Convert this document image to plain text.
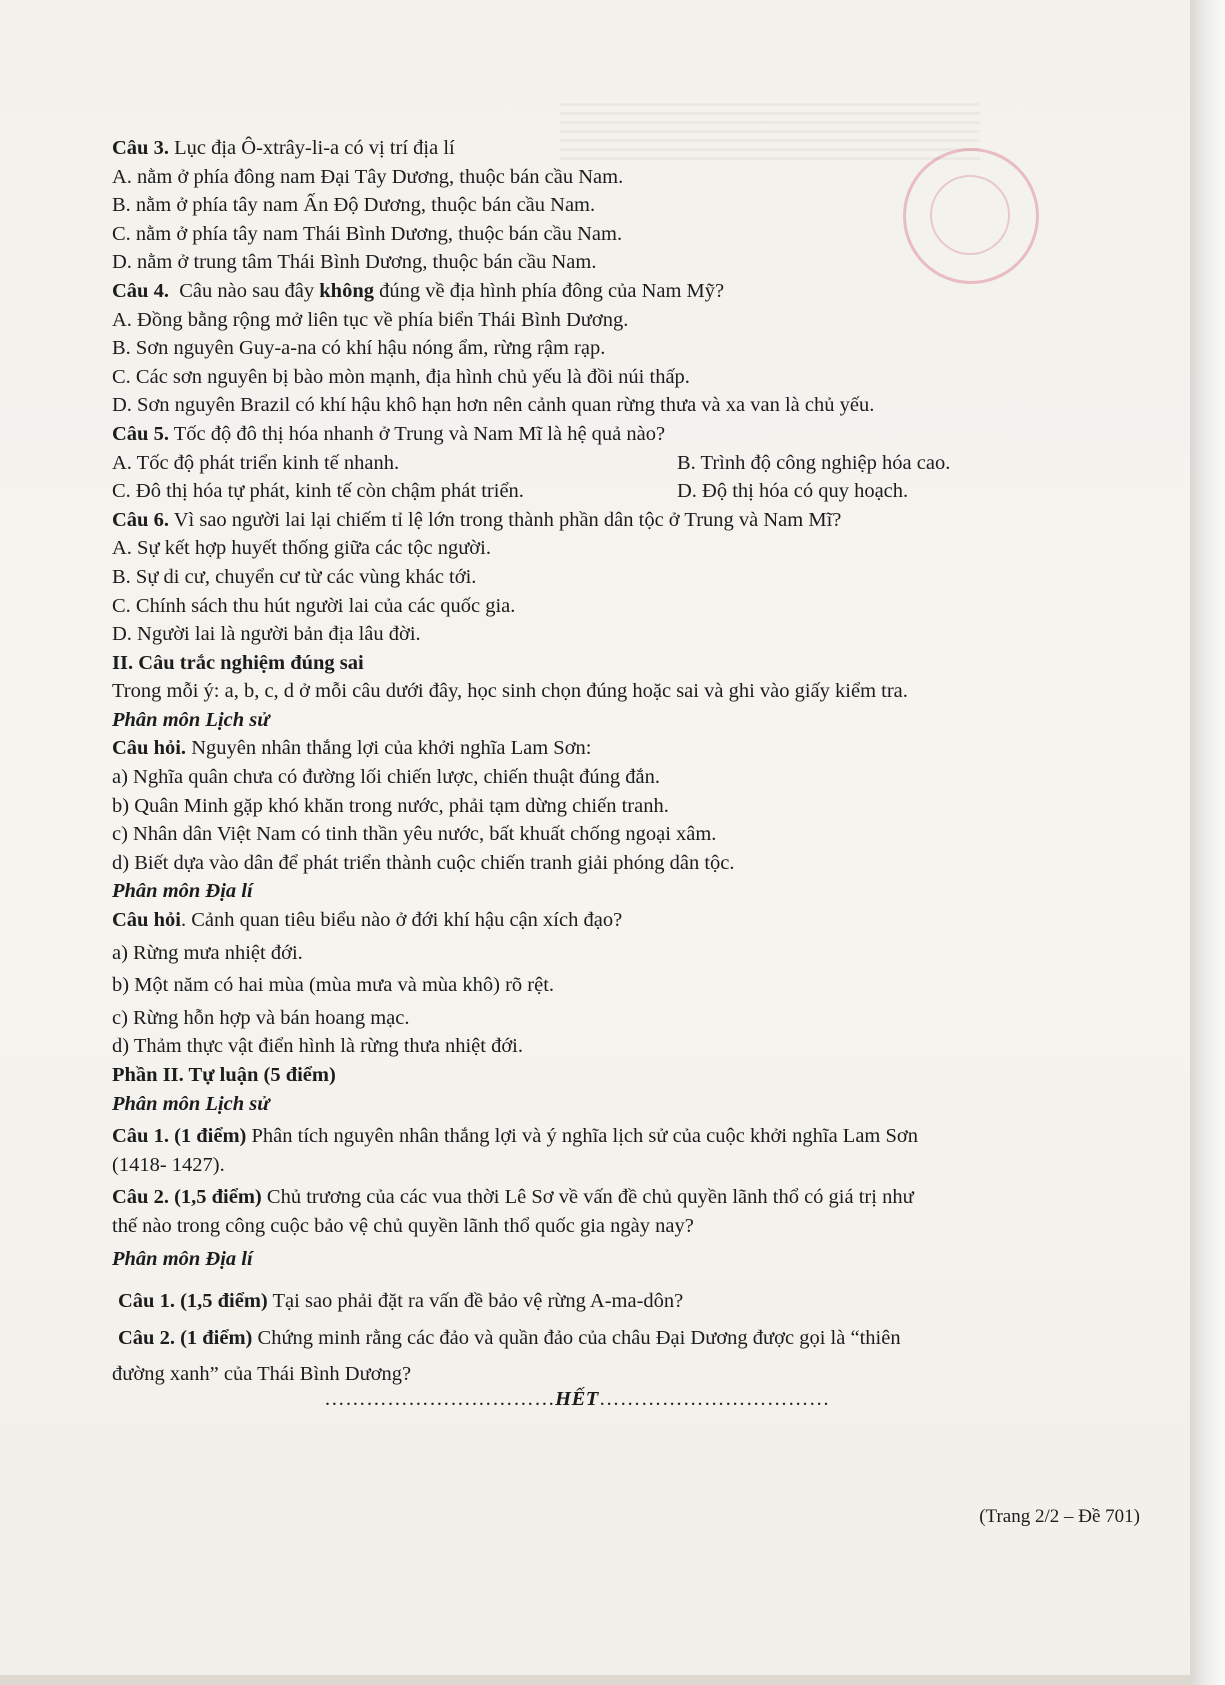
Câu 3. Lục địa Ô-xtrây-li-a có vị trí địa lí
A. nằm ở phía đông nam Đại Tây Dương, thuộc bán cầu Nam.
B. nằm ở phía tây nam Ấn Độ Dương, thuộc bán cầu Nam.
C. nằm ở phía tây nam Thái Bình Dương, thuộc bán cầu Nam.
D. nằm ở trung tâm Thái Bình Dương, thuộc bán cầu Nam.
Câu 4. Câu nào sau đây không đúng về địa hình phía đông của Nam Mỹ?
A. Đồng bằng rộng mở liên tục về phía biển Thái Bình Dương.
B. Sơn nguyên Guy-a-na có khí hậu nóng ẩm, rừng rậm rạp.
C. Các sơn nguyên bị bào mòn mạnh, địa hình chủ yếu là đồi núi thấp.
D. Sơn nguyên Brazil có khí hậu khô hạn hơn nên cảnh quan rừng thưa và xa van là chủ yếu.
Câu 5. Tốc độ đô thị hóa nhanh ở Trung và Nam Mĩ là hệ quả nào?
A. Tốc độ phát triển kinh tế nhanh.	B. Trình độ công nghiệp hóa cao.
C. Đô thị hóa tự phát, kinh tế còn chậm phát triển.	D. Độ thị hóa có quy hoạch.
Câu 6. Vì sao người lai lại chiếm tỉ lệ lớn trong thành phần dân tộc ở Trung và Nam Mĩ?
A. Sự kết hợp huyết thống giữa các tộc người.
B. Sự di cư, chuyển cư từ các vùng khác tới.
C. Chính sách thu hút người lai của các quốc gia.
D. Người lai là người bản địa lâu đời.
II. Câu trắc nghiệm đúng sai
Trong mỗi ý: a, b, c, d ở mỗi câu dưới đây, học sinh chọn đúng hoặc sai và ghi vào giấy kiểm tra.
Phân môn Lịch sử
Câu hỏi. Nguyên nhân thắng lợi của khởi nghĩa Lam Sơn:
a) Nghĩa quân chưa có đường lối chiến lược, chiến thuật đúng đắn.
b) Quân Minh gặp khó khăn trong nước, phải tạm dừng chiến tranh.
c) Nhân dân Việt Nam có tinh thần yêu nước, bất khuất chống ngoại xâm.
d) Biết dựa vào dân để phát triển thành cuộc chiến tranh giải phóng dân tộc.
Phân môn Địa lí
Câu hỏi. Cảnh quan tiêu biểu nào ở đới khí hậu cận xích đạo?
a) Rừng mưa nhiệt đới.
b) Một năm có hai mùa (mùa mưa và mùa khô) rõ rệt.
c) Rừng hỗn hợp và bán hoang mạc.
d) Thảm thực vật điển hình là rừng thưa nhiệt đới.
Phần II. Tự luận (5 điểm)
Phân môn Lịch sử
Câu 1. (1 điểm) Phân tích nguyên nhân thắng lợi và ý nghĩa lịch sử của cuộc khởi nghĩa Lam Sơn
(1418- 1427).
Câu 2. (1,5 điểm) Chủ trương của các vua thời Lê Sơ về vấn đề chủ quyền lãnh thổ có giá trị như
thế nào trong công cuộc bảo vệ chủ quyền lãnh thổ quốc gia ngày nay?
Phân môn Địa lí
Câu 1. (1,5 điểm) Tại sao phải đặt ra vấn đề bảo vệ rừng A-ma-dôn?
Câu 2. (1 điểm) Chứng minh rằng các đảo và quần đảo của châu Đại Dương được gọi là “thiên
đường xanh” của Thái Bình Dương?
……………………………HẾT……………………………
(Trang 2/2 – Đề 701)
